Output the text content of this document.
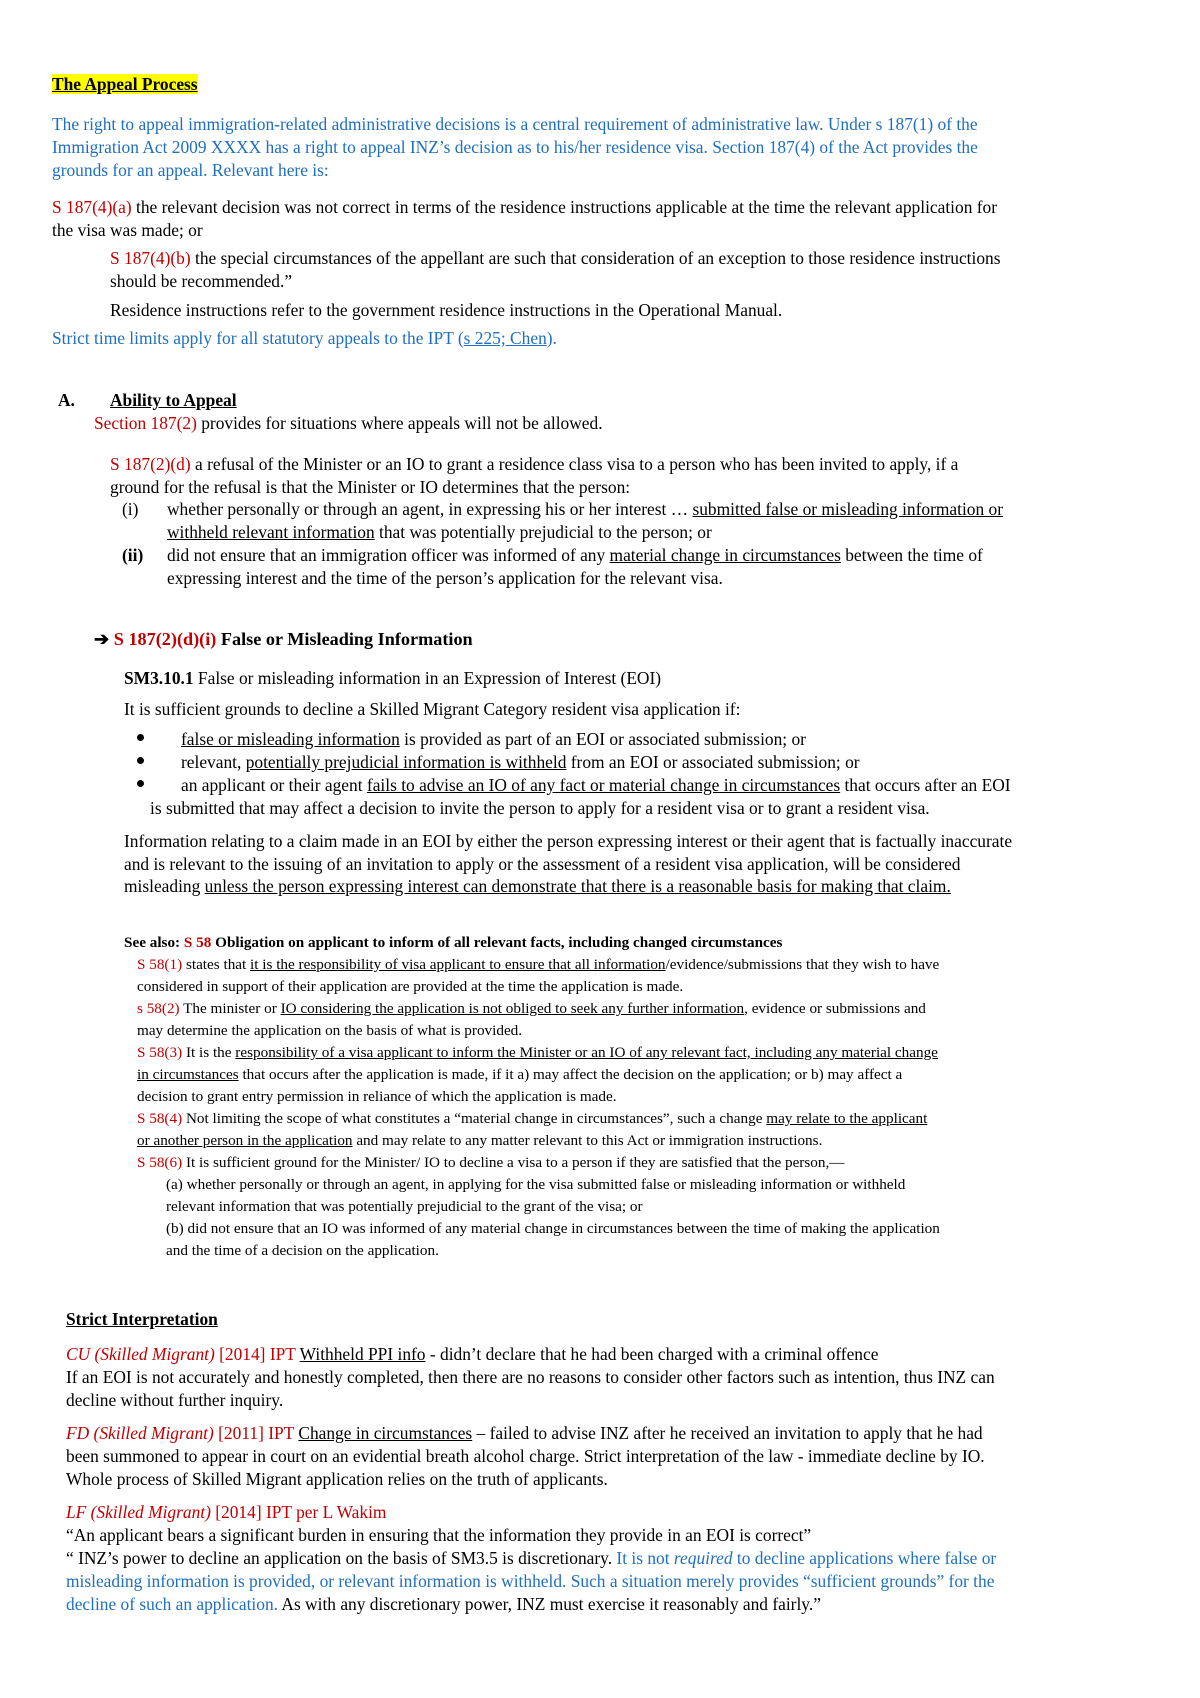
The Appeal Process
The right to appeal immigration-related administrative decisions is a central requirement of administrative law. Under s 187(1) of the
Immigration Act 2009 XXXX has a right to appeal INZ’s decision as to his/her residence visa. Section 187(4) of the Act provides the
grounds for an appeal. Relevant here is:
S 187(4)(a) the relevant decision was not correct in terms of the residence instructions applicable at the time the relevant application for
the visa was made; or
S 187(4)(b) the special circumstances of the appellant are such that consideration of an exception to those residence instructions
should be recommended.”
Residence instructions refer to the government residence instructions in the Operational Manual.
Strict time limits apply for all statutory appeals to the IPT (s 225; Chen).
A. Ability to Appeal
Section 187(2) provides for situations where appeals will not be allowed.
S 187(2)(d) a refusal of the Minister or an IO to grant a residence class visa to a person who has been invited to apply, if a
ground for the refusal is that the Minister or IO determines that the person:
(i) whether personally or through an agent, in expressing his or her interest … submitted false or misleading information or
withheld relevant information that was potentially prejudicial to the person; or
(ii) did not ensure that an immigration officer was informed of any material change in circumstances between the time of
expressing interest and the time of the person’s application for the relevant visa.
➔ S 187(2)(d)(i) False or Misleading Information
SM3.10.1 False or misleading information in an Expression of Interest (EOI)
It is sufficient grounds to decline a Skilled Migrant Category resident visa application if:
false or misleading information is provided as part of an EOI or associated submission; or
relevant, potentially prejudicial information is withheld from an EOI or associated submission; or
an applicant or their agent fails to advise an IO of any fact or material change in circumstances that occurs after an EOI
is submitted that may affect a decision to invite the person to apply for a resident visa or to grant a resident visa.
Information relating to a claim made in an EOI by either the person expressing interest or their agent that is factually inaccurate
and is relevant to the issuing of an invitation to apply or the assessment of a resident visa application, will be considered
misleading unless the person expressing interest can demonstrate that there is a reasonable basis for making that claim.
See also: S 58 Obligation on applicant to inform of all relevant facts, including changed circumstances
S 58(1) states that it is the responsibility of visa applicant to ensure that all information/evidence/submissions that they wish to have
considered in support of their application are provided at the time the application is made.
s 58(2) The minister or IO considering the application is not obliged to seek any further information, evidence or submissions and
may determine the application on the basis of what is provided.
S 58(3) It is the responsibility of a visa applicant to inform the Minister or an IO of any relevant fact, including any material change
in circumstances that occurs after the application is made, if it a) may affect the decision on the application; or b) may affect a
decision to grant entry permission in reliance of which the application is made.
S 58(4) Not limiting the scope of what constitutes a “material change in circumstances”, such a change may relate to the applicant
or another person in the application and may relate to any matter relevant to this Act or immigration instructions.
S 58(6) It is sufficient ground for the Minister/ IO to decline a visa to a person if they are satisfied that the person,—
(a) whether personally or through an agent, in applying for the visa submitted false or misleading information or withheld
relevant information that was potentially prejudicial to the grant of the visa; or
(b) did not ensure that an IO was informed of any material change in circumstances between the time of making the application
and the time of a decision on the application.
Strict Interpretation
CU (Skilled Migrant) [2014] IPT Withheld PPI info - didn’t declare that he had been charged with a criminal offence
If an EOI is not accurately and honestly completed, then there are no reasons to consider other factors such as intention, thus INZ can
decline without further inquiry.
FD (Skilled Migrant) [2011] IPT Change in circumstances – failed to advise INZ after he received an invitation to apply that he had
been summoned to appear in court on an evidential breath alcohol charge. Strict interpretation of the law - immediate decline by IO.
Whole process of Skilled Migrant application relies on the truth of applicants.
LF (Skilled Migrant) [2014] IPT per L Wakim
“An applicant bears a significant burden in ensuring that the information they provide in an EOI is correct”
“ INZ’s power to decline an application on the basis of SM3.5 is discretionary. It is not required to decline applications where false or
misleading information is provided, or relevant information is withheld. Such a situation merely provides “sufficient grounds” for the
decline of such an application. As with any discretionary power, INZ must exercise it reasonably and fairly.”
